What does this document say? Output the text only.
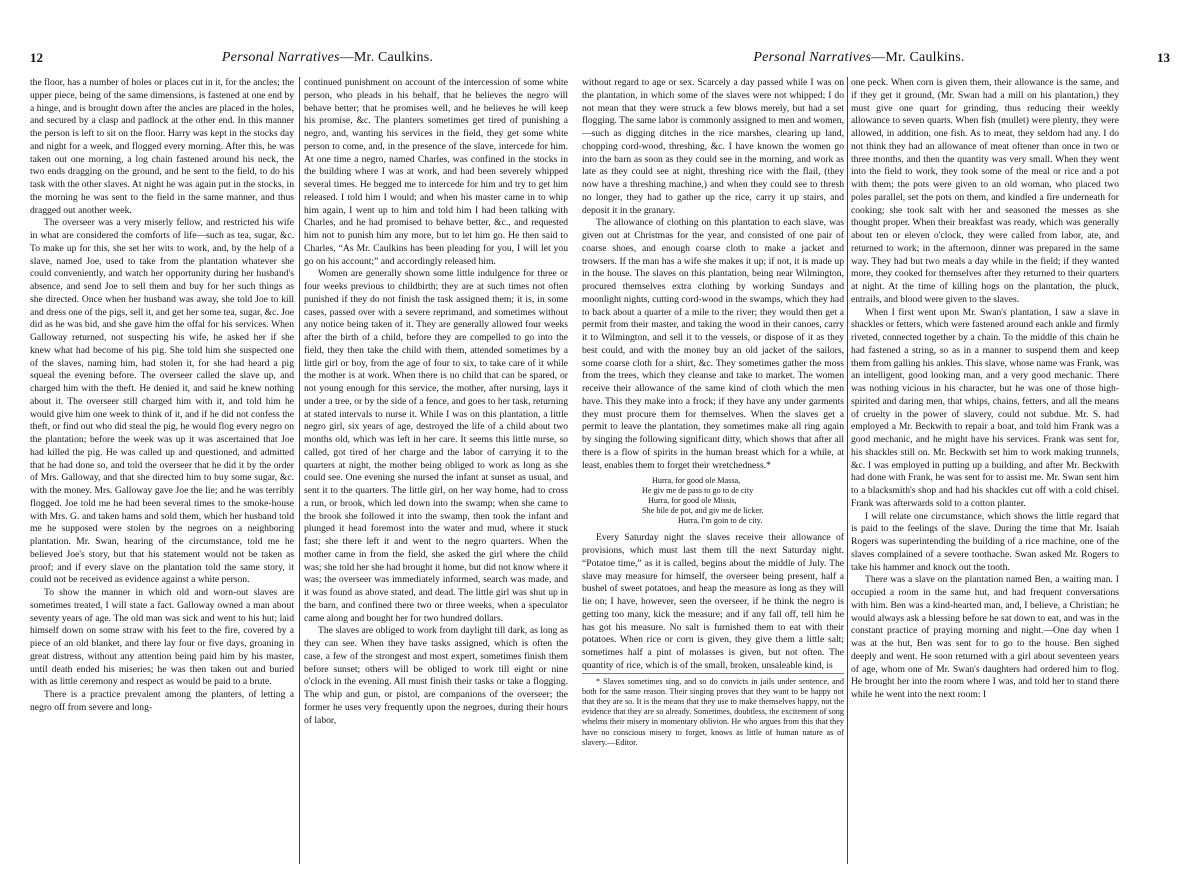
12	Personal Narratives—Mr. Caulkins.

the floor, has a number of holes or places cut in it, for the ancles; the upper piece, being of the same dimensions, is fastened at one end by a hinge, and is brought down after the ancles are placed in the holes, and secured by a clasp and padlock at the other end. In this manner the person is left to sit on the floor. Harry was kept in the stocks day and night for a week, and flogged every morning. After this, he was taken out one morning, a log chain fastened around his neck, the two ends dragging on the ground, and he sent to the field, to do his task with the other slaves. At night he was again put in the stocks, in the morning he was sent to the field in the same manner, and thus dragged out another week.

The overseer was a very miserly fellow, and restricted his wife in what are considered the comforts of life—such as tea, sugar, &c. To make up for this, she set her wits to work, and, by the help of a slave, named Joe, used to take from the plantation whatever she could conveniently, and watch her opportunity during her husband's absence, and send Joe to sell them and buy for her such things as she directed. Once when her husband was away, she told Joe to kill and dress one of the pigs, sell it, and get her some tea, sugar, &c. Joe did as he was bid, and she gave him the offal for his services. When Galloway returned, not suspecting his wife, he asked her if she knew what had become of his pig. She told him she suspected one of the slaves, naming him, had stolen it, for she had heard a pig squeal the evening before. The overseer called the slave up, and charged him with the theft. He denied it, and said he knew nothing about it. The overseer still charged him with it, and told him he would give him one week to think of it, and if he did not confess the theft, or find out who did steal the pig, he would flog every negro on the plantation; before the week was up it was ascertained that Joe had killed the pig. He was called up and questioned, and admitted that he had done so, and told the overseer that he did it by the order of Mrs. Galloway, and that she directed him to buy some sugar, &c. with the money. Mrs. Galloway gave Joe the lie; and he was terribly flogged. Joe told me he had been several times to the smoke-house with Mrs. G. and taken hams and sold them, which her husband told me he supposed were stolen by the negroes on a neighboring plantation. Mr. Swan, hearing of the circumstance, told me he believed Joe's story, but that his statement would not be taken as proof; and if every slave on the plantation told the same story, it could not be received as evidence against a white person.

To show the manner in which old and worn-out slaves are sometimes treated, I will state a fact. Galloway owned a man about seventy years of age. The old man was sick and went to his hut; laid himself down on some straw with his feet to the fire, covered by a piece of an old blanket, and there lay four or five days, groaning in great distress, without any attention being paid him by his master, until death ended his miseries; he was then taken out and buried with as little ceremony and respect as would be paid to a brute.

There is a practice prevalent among the planters, of letting a negro off from severe and long-

continued punishment on account of the intercession of some white person, who pleads in his behalf, that he believes the negro will behave better; that he promises well, and he believes he will keep his promise, &c. The planters sometimes get tired of punishing a negro, and, wanting his services in the field, they get some white person to come, and, in the presence of the slave, intercede for him. At one time a negro, named Charles, was confined in the stocks in the building where I was at work, and had been severely whipped several times. He begged me to intercede for him and try to get him released. I told him I would; and when his master came in to whip him again, I went up to him and told him I had been talking with Charles, and he had promised to behave better, &c., and requested him not to punish him any more, but to let him go. He then said to Charles, “As Mr. Caulkins has been pleading for you, I will let you go on his account;” and accordingly released him.

Women are generally shown some little indulgence for three or four weeks previous to childbirth; they are at such times not often punished if they do not finish the task assigned them; it is, in some cases, passed over with a severe reprimand, and sometimes without any notice being taken of it. They are generally allowed four weeks after the birth of a child, before they are compelled to go into the field, they then take the child with them, attended sometimes by a little girl or boy, from the age of four to six, to take care of it while the mother is at work. When there is no child that can be spared, or not young enough for this service, the mother, after nursing, lays it under a tree, or by the side of a fence, and goes to her task, returning at stated intervals to nurse it. While I was on this plantation, a little negro girl, six years of age, destroyed the life of a child about two months old, which was left in her care. It seems this little nurse, so called, got tired of her charge and the labor of carrying it to the quarters at night, the mother being obliged to work as long as she could see. One evening she nursed the infant at sunset as usual, and sent it to the quarters. The little girl, on her way home, had to cross a run, or brook, which led down into the swamp; when she came to the brook she followed it into the swamp, then took the infant and plunged it head foremost into the water and mud, where it stuck fast; she there left it and went to the negro quarters. When the mother came in from the field, she asked the girl where the child was; she told her she had brought it home, but did not know where it was; the overseer was immediately informed, search was made, and it was found as above stated, and dead. The little girl was shut up in the barn, and confined there two or three weeks, when a speculator came along and bought her for two hundred dollars.

The slaves are obliged to work from daylight till dark, as long as they can see. When they have tasks assigned, which is often the case, a few of the strongest and most expert, sometimes finish them before sunset; others will be obliged to work till eight or nine o'clock in the evening. All must finish their tasks or take a flogging. The whip and gun, or pistol, are companions of the overseer; the former he uses very frequently upon the negroes, during their hours of labor,

Personal Narratives—Mr. Caulkins.	13

without regard to age or sex. Scarcely a day passed while I was on the plantation, in which some of the slaves were not whipped; I do not mean that they were struck a few blows merely, but had a set flogging. The same labor is commonly assigned to men and women,—such as digging ditches in the rice marshes, clearing up land, chopping cord-wood, threshing, &c. I have known the women go into the barn as soon as they could see in the morning, and work as late as they could see at night, threshing rice with the flail, (they now have a threshing machine,) and when they could see to thresh no longer, they had to gather up the rice, carry it up stairs, and deposit it in the granary.

The allowance of clothing on this plantation to each slave, was given out at Christmas for the year, and consisted of one pair of coarse shoes, and enough coarse cloth to make a jacket and trowsers. If the man has a wife she makes it up; if not, it is made up in the house. The slaves on this plantation, being near Wilmington, procured themselves extra clothing by working Sundays and moonlight nights, cutting cord-wood in the swamps, which they had to back about a quarter of a mile to the river; they would then get a permit from their master, and taking the wood in their canoes, carry it to Wilmington, and sell it to the vessels, or dispose of it as they best could, and with the money buy an old jacket of the sailors, some coarse cloth for a shirt, &c. They sometimes gather the moss from the trees, which they cleanse and take to market. The women receive their allowance of the same kind of cloth which the men have. This they make into a frock; if they have any under garments they must procure them for themselves. When the slaves get a permit to leave the plantation, they sometimes make all ring again by singing the following significant ditty, which shows that after all there is a flow of spirits in the human breast which for a while, at least, enables them to forget their wretchedness.*

Hurra, for good ole Massa,
He giv me de pass to go to de city
Hurra, for good ole Missis,
She bile de pot, and giv me de licker.
Hurra, I'm goin to de city.

Every Saturday night the slaves receive their allowance of provisions, which must last them till the next Saturday night. “Potatoe time,” as it is called, begins about the middle of July. The slave may measure for himself, the overseer being present, half a bushel of sweet potatoes, and heap the measure as long as they will lie on; I have, however, seen the overseer, if he think the negro is getting too many, kick the measure; and if any fall off, tell him he has got his measure. No salt is furnished them to eat with their potatoes. When rice or corn is given, they give them a little salt; sometimes half a pint of molasses is given, but not often. The quantity of rice, which is of the small, broken, unsaleable kind, is

* Slaves sometimes sing, and so do convicts in jails under sentence, and both for the same reason. Their singing proves that they want to be happy not that they are so. It is the means that they use to make themselves happy, not the evidence that they are so already. Sometimes, doubtless, the excitement of song whelms their misery in momentary oblivion. He who argues from this that they have no conscious misery to forget, knows as little of human nature as of slavery.—Editor.

one peck. When corn is given them, their allowance is the same, and if they get it ground, (Mr. Swan had a mill on his plantation,) they must give one quart for grinding, thus reducing their weekly allowance to seven quarts. When fish (mullet) were plenty, they were allowed, in addition, one fish. As to meat, they seldom had any. I do not think they had an allowance of meat oftener than once in two or three months, and then the quantity was very small. When they went into the field to work, they took some of the meal or rice and a pot with them; the pots were given to an old woman, who placed two poles parallel, set the pots on them, and kindled a fire underneath for cooking; she took salt with her and seasoned the messes as she thought proper. When their breakfast was ready, which was generally about ten or eleven o'clock, they were called from labor, ate, and returned to work; in the afternoon, dinner was prepared in the same way. They had but two meals a day while in the field; if they wanted more, they cooked for themselves after they returned to their quarters at night. At the time of killing hogs on the plantation, the pluck, entrails, and blood were given to the slaves.

When I first went upon Mr. Swan's plantation, I saw a slave in shackles or fetters, which were fastened around each ankle and firmly riveted, connected together by a chain. To the middle of this chain he had fastened a string, so as in a manner to suspend them and keep them from galling his ankles. This slave, whose name was Frank, was an intelligent, good looking man, and a very good mechanic. There was nothing vicious in his character, but he was one of those high-spirited and daring men, that whips, chains, fetters, and all the means of cruelty in the power of slavery, could not subdue. Mr. S. had employed a Mr. Beckwith to repair a boat, and told him Frank was a good mechanic, and he might have his services. Frank was sent for, his shackles still on. Mr. Beckwith set him to work making trunnels, &c. I was employed in putting up a building, and after Mr. Beckwith had done with Frank, he was sent for to assist me. Mr. Swan sent him to a blacksmith's shop and had his shackles cut off with a cold chisel. Frank was afterwards sold to a cotton planter.

I will relate one circumstance, which shows the little regard that is paid to the feelings of the slave. During the time that Mr. Isaiah Rogers was superintending the building of a rice machine, one of the slaves complained of a severe toothache. Swan asked Mr. Rogers to take his hammer and knock out the tooth.

There was a slave on the plantation named Ben, a waiting man. I occupied a room in the same hut, and had frequent conversations with him. Ben was a kind-hearted man, and, I believe, a Christian; he would always ask a blessing before he sat down to eat, and was in the constant practice of praying morning and night.—One day when I was at the hut, Ben was sent for to go to the house. Ben sighed deeply and went. He soon returned with a girl about seventeen years of age, whom one of Mr. Swan's daughters had ordered him to flog. He brought her into the room where I was, and told her to stand there while he went into the next room: I
